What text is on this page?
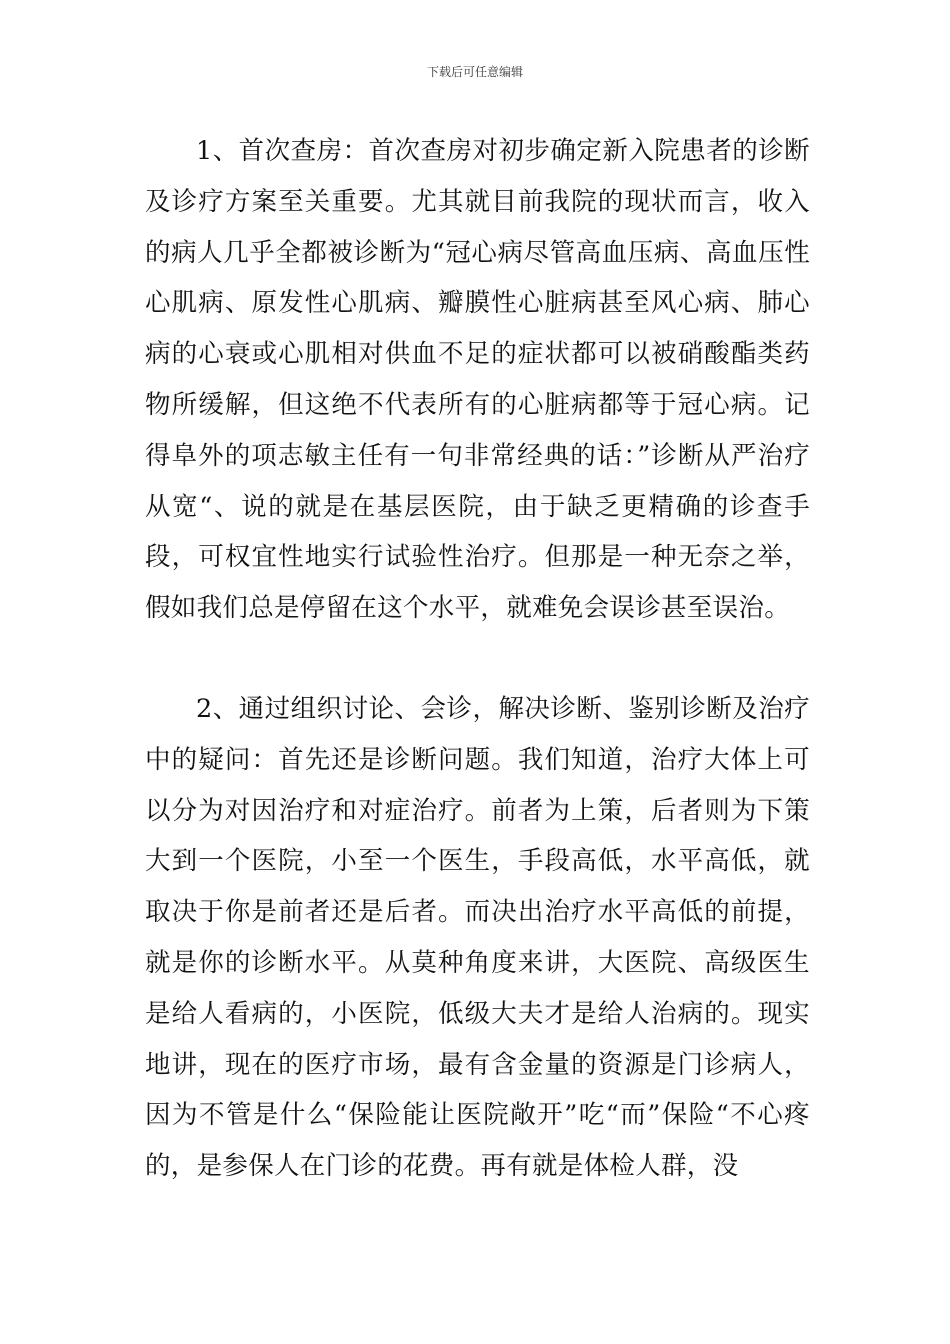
下载后可任意编辑

1、首次查房：首次查房对初步确定新入院患者的诊断及诊疗方案至关重要。尤其就目前我院的现状而言，收入的病人几乎全都被诊断为“冠心病尽管高血压病、高血压性心肌病、原发性心肌病、瓣膜性心脏病甚至风心病、肺心病的心衰或心肌相对供血不足的症状都可以被硝酸酯类药物所缓解，但这绝不代表所有的心脏病都等于冠心病。记得阜外的项志敏主任有一句非常经典的话：”诊断从严治疗从宽“、说的就是在基层医院，由于缺乏更精确的诊查手段，可权宜性地实行试验性治疗。但那是一种无奈之举，假如我们总是停留在这个水平，就难免会误诊甚至误治。

2、通过组织讨论、会诊，解决诊断、鉴别诊断及治疗中的疑问：首先还是诊断问题。我们知道，治疗大体上可以分为对因治疗和对症治疗。前者为上策，后者则为下策大到一个医院，小至一个医生，手段高低，水平高低，就取决于你是前者还是后者。而决出治疗水平高低的前提，就是你的诊断水平。从莫种角度来讲，大医院、高级医生是给人看病的，小医院，低级大夫才是给人治病的。现实地讲，现在的医疗市场，最有含金量的资源是门诊病人，因为不管是什么“保险能让医院敞开”吃“而”保险“不心疼的，是参保人在门诊的花费。再有就是体检人群，没
